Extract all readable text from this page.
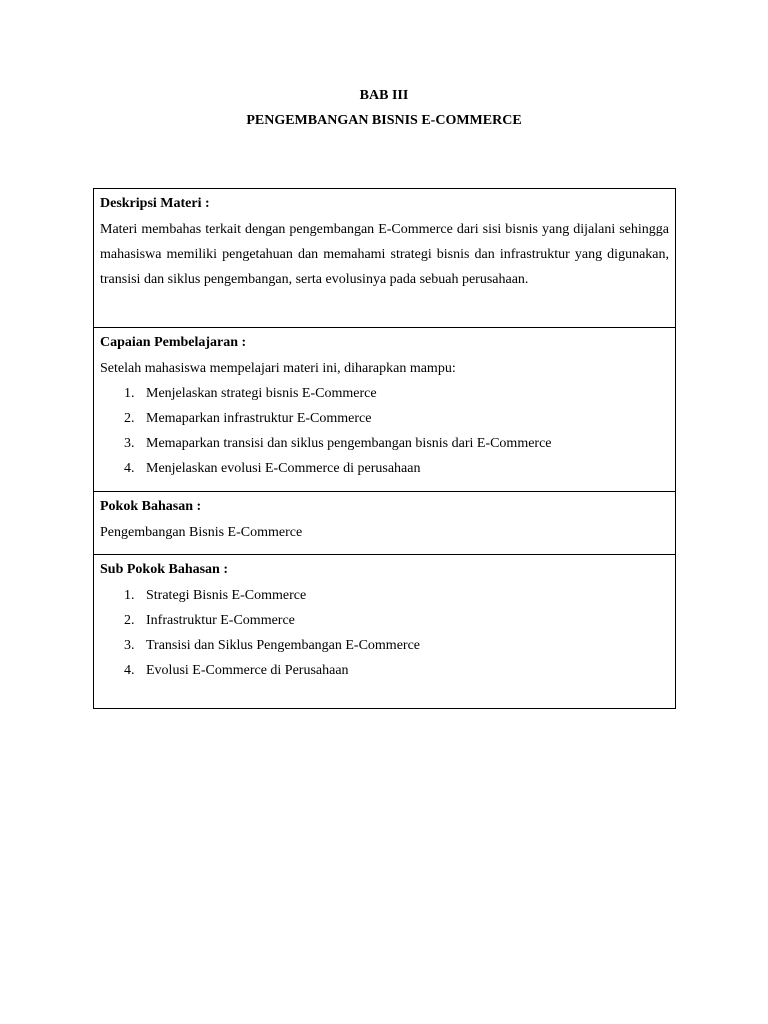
BAB III
PENGEMBANGAN BISNIS E-COMMERCE
Deskripsi Materi :
Materi membahas terkait dengan pengembangan E-Commerce dari sisi bisnis yang dijalani sehingga mahasiswa memiliki pengetahuan dan memahami strategi bisnis dan infrastruktur yang digunakan, transisi dan siklus pengembangan, serta evolusinya pada sebuah perusahaan.
Capaian Pembelajaran :
Setelah mahasiswa mempelajari materi ini, diharapkan mampu:
1. Menjelaskan strategi bisnis E-Commerce
2. Memaparkan infrastruktur E-Commerce
3. Memaparkan transisi dan siklus pengembangan bisnis dari E-Commerce
4. Menjelaskan evolusi E-Commerce di perusahaan
Pokok Bahasan :
Pengembangan Bisnis E-Commerce
Sub Pokok Bahasan :
1. Strategi Bisnis E-Commerce
2. Infrastruktur E-Commerce
3. Transisi dan Siklus Pengembangan E-Commerce
4. Evolusi E-Commerce di Perusahaan
